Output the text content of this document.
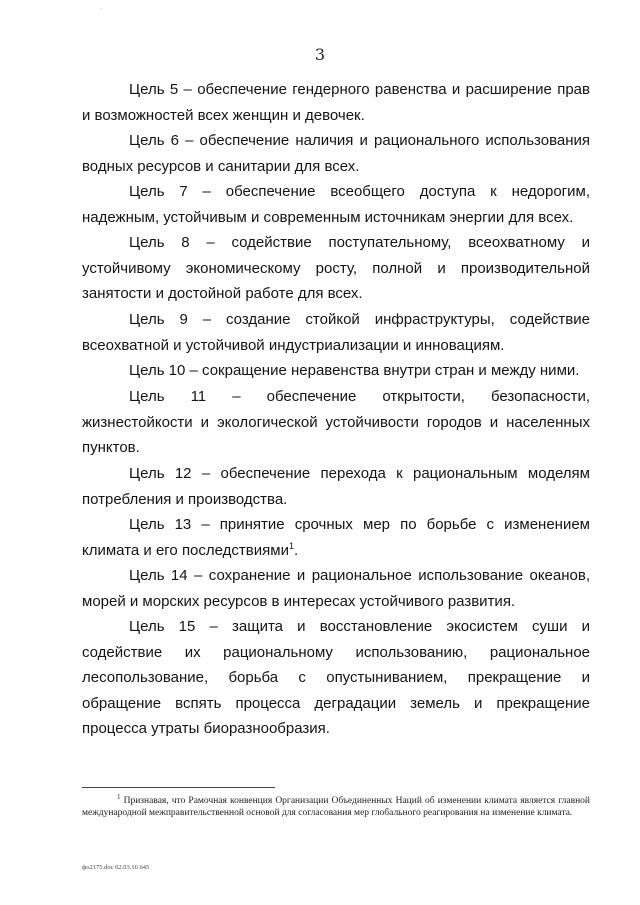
¨
3

Цель 5 – обеспечение гендерного равенства и расширение прав и возможностей всех женщин и девочек.

Цель 6 – обеспечение наличия и рационального использования водных ресурсов и санитарии для всех.

Цель 7 – обеспечение всеобщего доступа к недорогим, надежным, устойчивым и современным источникам энергии для всех.

Цель 8 – содействие поступательному, всеохватному и устойчивому экономическому росту, полной и производительной занятости и достойной работе для всех.

Цель 9 – создание стойкой инфраструктуры, содействие всеохватной и устойчивой индустриализации и инновациям.

Цель 10 – сокращение неравенства внутри стран и между ними.

Цель 11 – обеспечение открытости, безопасности, жизнестойкости и экологической устойчивости городов и населенных пунктов.

Цель 12 – обеспечение перехода к рациональным моделям потребления и производства.

Цель 13 – принятие срочных мер по борьбе с изменением климата и его последствиями$^1$.

Цель 14 – сохранение и рациональное использование океанов, морей и морских ресурсов в интересах устойчивого развития.

Цель 15 – защита и восстановление экосистем суши и содействие их рациональному использованию, рациональное лесопользование, борьба с опустыниванием, прекращение и обращение вспять процесса деградации земель и прекращение процесса утраты биоразнообразия.

$^1$ Признавая, что Рамочная конвенция Организации Объединенных Наций об изменении климата является главной международной межправительственной основой для согласования мер глобального реагирования на изменение климата.

фо2175.doc 02.03.16 645
